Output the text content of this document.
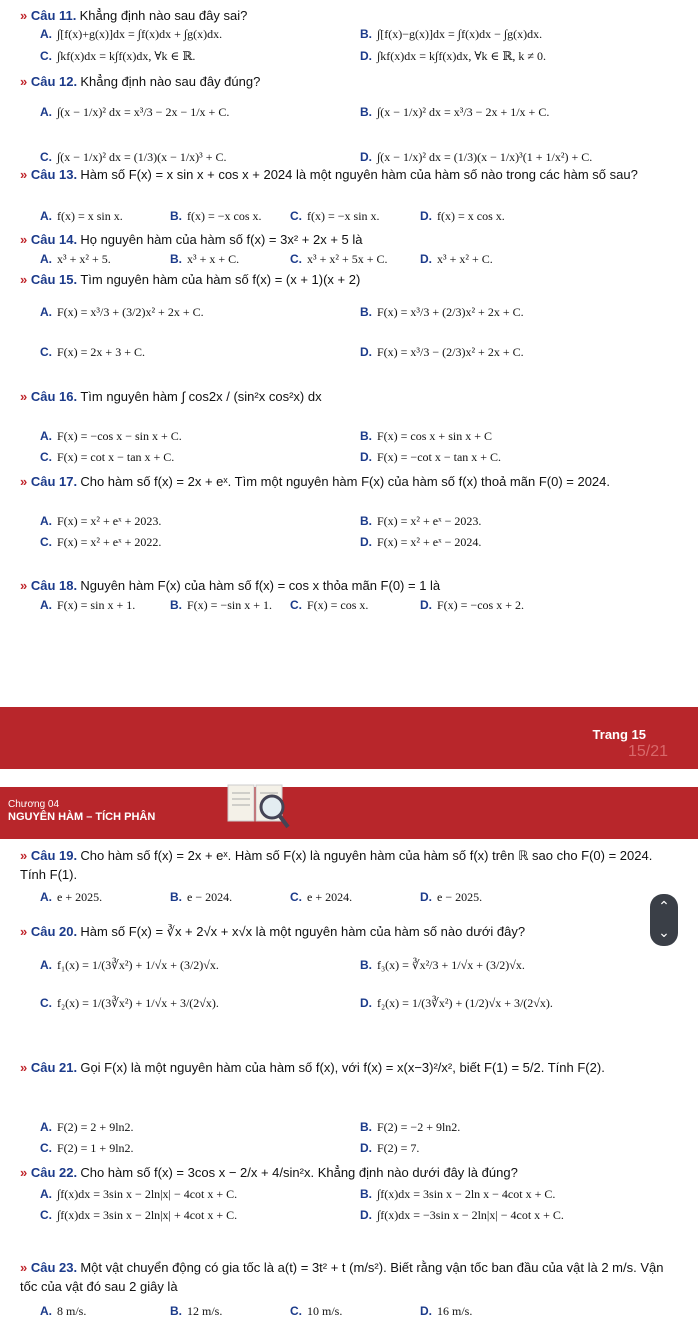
» Câu 11. Khẳng định nào sau đây sai?
A. ∫[f(x)+g(x)]dx = ∫f(x)dx + ∫g(x)dx.	B. ∫[f(x)−g(x)]dx = ∫f(x)dx − ∫g(x)dx.
C. ∫kf(x)dx = k∫f(x)dx, ∀k ∈ ℝ.	D. ∫kf(x)dx = k∫f(x)dx, ∀k ∈ ℝ, k ≠ 0.
» Câu 12. Khẳng định nào sau đây đúng?
A. ∫(x − 1/x)² dx = x³/3 − 2x − 1/x + C.	B. ∫(x − 1/x)² dx = x³/3 − 2x + 1/x + C.
C. ∫(x − 1/x)² dx = (1/3)(x − 1/x)³ + C.	D. ∫(x − 1/x)² dx = (1/3)(x − 1/x)³(1 + 1/x²) + C.
» Câu 13. Hàm số F(x) = x sin x + cos x + 2024 là một nguyên hàm của hàm số nào trong các hàm số sau?
A. f(x) = x sin x.	B. f(x) = −x cos x. C. f(x) = −x sin x.	D. f(x) = x cos x.
» Câu 14. Họ nguyên hàm của hàm số f(x) = 3x² + 2x + 5 là
A. x³ + x² + 5.	B. x³ + x + C.	C. x³ + x² + 5x + C.	D. x³ + x² + C.
» Câu 15. Tìm nguyên hàm của hàm số f(x) = (x + 1)(x + 2)
A. F(x) = x³/3 + (3/2)x² + 2x + C.	B. F(x) = x³/3 + (2/3)x² + 2x + C.
C. F(x) = 2x + 3 + C.	D. F(x) = x³/3 − (2/3)x² + 2x + C.
» Câu 16. Tìm nguyên hàm ∫ cos2x / (sin²x cos²x) dx
A. F(x) = −cos x − sin x + C.	B. F(x) = cos x + sin x + C
C. F(x) = cot x − tan x + C.	D. F(x) = −cot x − tan x + C.
» Câu 17. Cho hàm số f(x) = 2x + eˣ. Tìm một nguyên hàm F(x) của hàm số f(x) thoả mãn F(0) = 2024.
A. F(x) = x² + eˣ + 2023.	B. F(x) = x² + eˣ − 2023.
C. F(x) = x² + eˣ + 2022.	D. F(x) = x² + eˣ − 2024.
» Câu 18. Nguyên hàm F(x) của hàm số f(x) = cos x thỏa mãn F(0) = 1 là
A. F(x) = sin x + 1.	B. F(x) = −sin x + 1. C. F(x) = cos x.	D. F(x) = −cos x + 2.
» Câu 19. Cho hàm số f(x) = 2x + eˣ. Hàm số F(x) là nguyên hàm của hàm số f(x) trên ℝ sao cho F(0) = 2024. Tính F(1).
A. e + 2025.	B. e − 2024.	C. e + 2024.	D. e − 2025.
» Câu 20. Hàm số F(x) = ∛x + 2√x + x√x là một nguyên hàm của hàm số nào dưới đây?
A. f₁(x) = 1/(3∛x²) + 1/√x + (3/2)√x.	B. f₃(x) = ∛x²/3 + 1/√x + (3/2)√x.
C. f₂(x) = 1/(3∛x²) + 1/√x + 3/(2√x).	D. f₂(x) = 1/(3∛x²) + (1/2)√x + 3/(2√x).
» Câu 21. Gọi F(x) là một nguyên hàm của hàm số f(x), với f(x) = x(x−3)²/x², biết F(1) = 5/2. Tính F(2).
A. F(2) = 2 + 9ln2.	B. F(2) = −2 + 9ln2.
C. F(2) = 1 + 9ln2.	D. F(2) = 7.
» Câu 22. Cho hàm số f(x) = 3cos x − 2/x + 4/sin²x. Khẳng định nào dưới đây là đúng?
A. ∫f(x)dx = 3sin x − 2ln|x| − 4cot x + C.	B. ∫f(x)dx = 3sin x − 2ln x − 4cot x + C.
C. ∫f(x)dx = 3sin x − 2ln|x| + 4cot x + C.	D. ∫f(x)dx = −3sin x − 2ln|x| − 4cot x + C.
» Câu 23. Một vật chuyển động có gia tốc là a(t) = 3t² + t (m/s²). Biết rằng vận tốc ban đầu của vật là 2 m/s. Vận tốc của vật đó sau 2 giây là
A. 8 m/s.	B. 12 m/s.	C. 10 m/s.	D. 16 m/s.
Trang 15
15/21
Chương 04
NGUYÊN HÀM – TÍCH PHÂN
⌃
⌄
